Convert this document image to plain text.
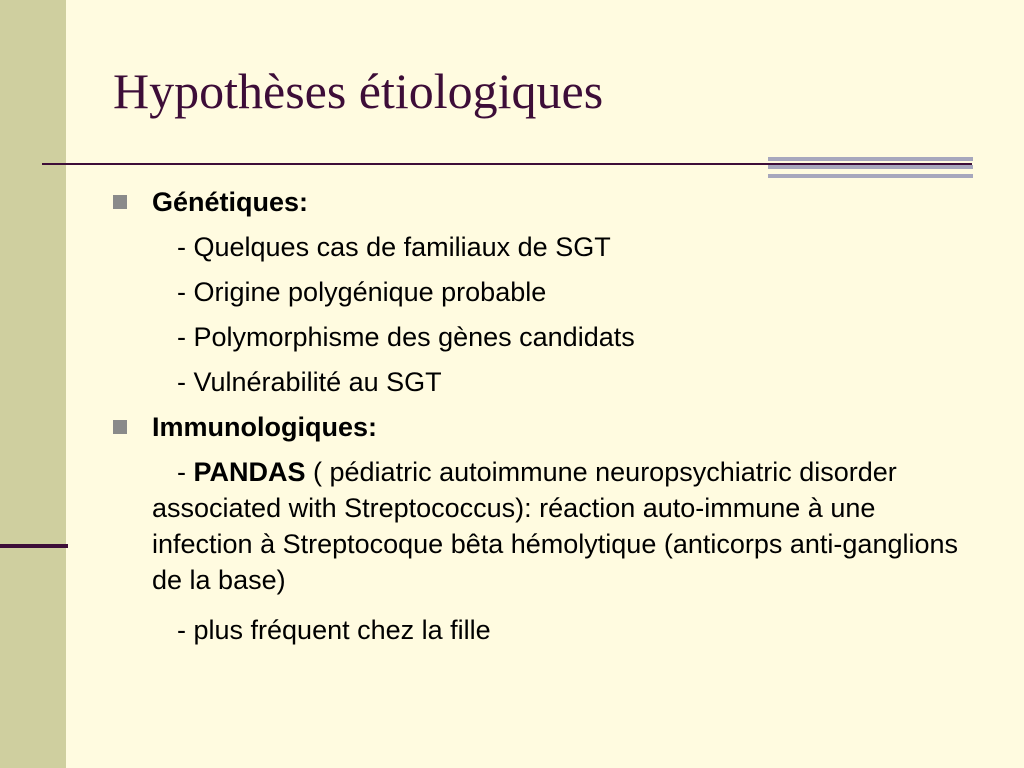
Hypothèses étiologiques
Génétiques:
- Quelques cas de familiaux de SGT
- Origine polygénique probable
- Polymorphisme des gènes candidats
- Vulnérabilité au SGT
Immunologiques:
- PANDAS ( pédiatric autoimmune neuropsychiatric disorder associated with Streptococcus): réaction auto-immune à une infection à Streptocoque bêta hémolytique (anticorps anti-ganglions de la base)
- plus fréquent chez la fille
